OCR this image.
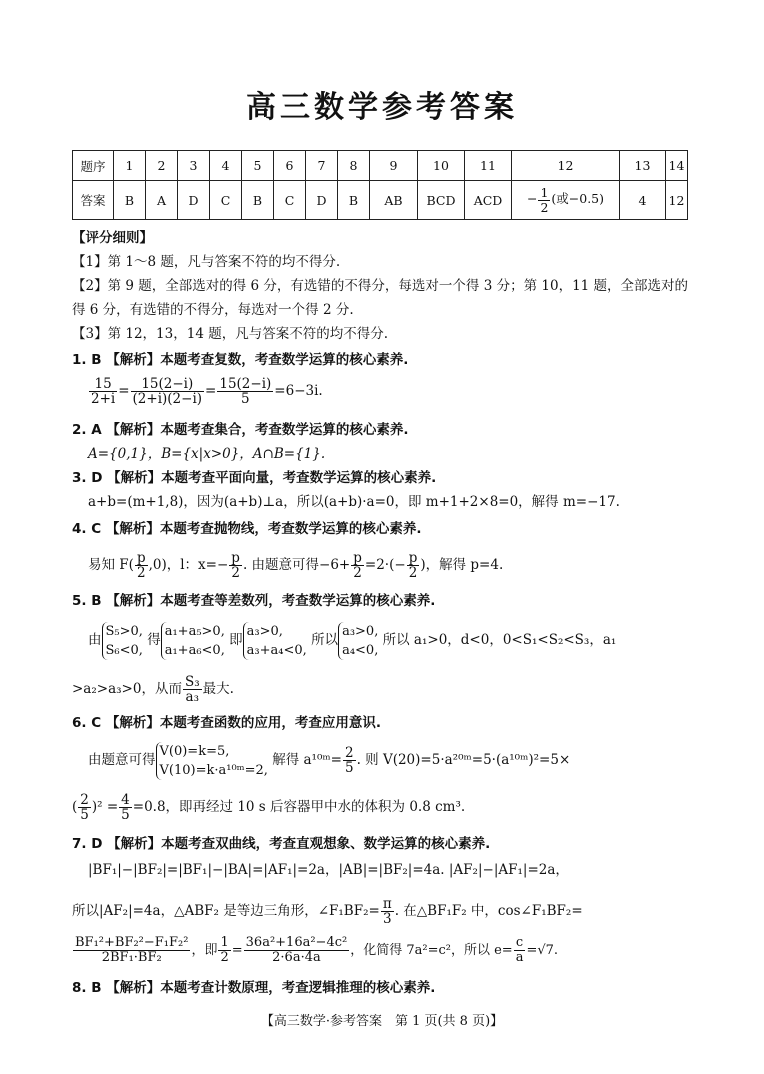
高三数学参考答案
题序	1	2	3	4	5	6	7	8	9	10	11	12	13	14
答案	B	A	D	C	B	C	D	B	AB	BCD	ACD	− $\frac{1}{2}$ (或−0.5)	4	12
【评分细则】
【1】第 1～8 题，凡与答案不符的均不得分.
【2】第 9 题，全部选对的得 6 分，有选错的不得分，每选对一个得 3 分；第 10，11 题，全部选对的
得 6 分，有选错的不得分，每选对一个得 2 分.
【3】第 12，13，14 题，凡与答案不符的均不得分.
1. B 【解析】本题考查复数，考查数学运算的核心素养.
$\frac{15}{2+i} = \frac{15(2-i)}{(2+i)(2-i)} = \frac{15(2-i)}{5} =6-3i$.
2. A 【解析】本题考查集合，考查数学运算的核心素养.
A={0,1}，B={x|x>0}，A∩B={1}.
3. D 【解析】本题考查平面向量，考查数学运算的核心素养.
a+b=(m+1,8)，因为(a+b)⊥a，所以(a+b)·a=0，即 m+1+2×8=0，解得 m=−17.
4. C 【解析】本题考查抛物线，考查数学运算的核心素养.
易知 $F( \frac{p}{2} ,0)$，l：$x=- \frac{p}{2}$ . 由题意可得$-6+ \frac{p}{2} =2\cdot(- \frac{p}{2}$ )，解得 p=4.
5. B 【解析】本题考查等差数列，考查数学运算的核心素养.
由
S₅>0,
S₆<0,
得
a₁+a₅>0,
a₁+a₆<0,
即
a₃>0,
a₃+a₄<0,
所以
a₃>0,
a₄<0,
所以 a₁>0，d<0，0<S₁<S₂<S₃，a₁
>a₂>a₃>0，从而 $\frac{\text{S₃}}{\text{a₃}}$ 最大.
6. C 【解析】本题考查函数的应用，考查应用意识.
由题意可得
V(0)=k=5,
V(10)=k·a¹⁰ᵐ=2,
解得 a¹⁰ᵐ= $\frac{2}{5}$ . 则 V(20)=5·a²⁰ᵐ=5·(a¹⁰ᵐ)²=5×
( $\frac{2}{5} )^2 = \frac{4}{5} =0.8$，即再经过 10 s 后容器甲中水的体积为 0.8 cm³.
7. D 【解析】本题考查双曲线，考查直观想象、数学运算的核心素养.
|BF₁|−|BF₂|=|BF₁|−|BA|=|AF₁|=2a，|AB|=|BF₂|=4a. |AF₂|−|AF₁|=2a，
所以|AF₂|=4a，△ABF₂ 是等边三角形，∠F₁BF₂= $\frac{\pi}{3}$ . 在△BF₁F₂ 中，cos∠F₁BF₂=
$\frac{\text{BF₁²+BF₂²−F₁F₂²}}{\text{2BF₁·BF₂}}$ ，即 $\frac{1}{2} = \frac{\text{36a²+16a²−4c²}}{2\cdot 6a\cdot 4a}$ ，化简得 7a²=c²，所以 $e= \frac{c}{a} =√7$.
8. B 【解析】本题考查计数原理，考查逻辑推理的核心素养.
【高三数学·参考答案　第 1 页(共 8 页)】
